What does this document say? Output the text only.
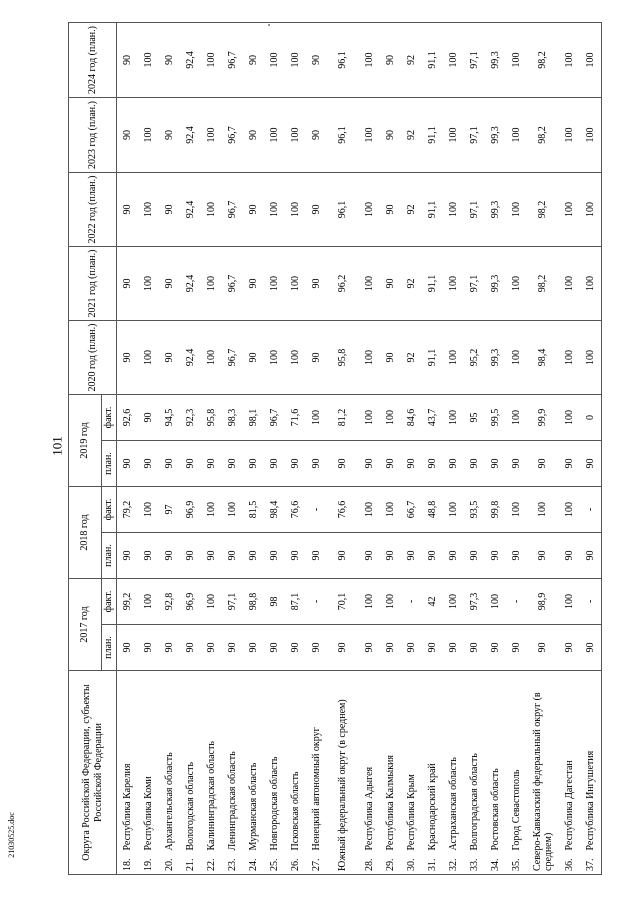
101
21030525.doc	Округа Российской Федерации, субъекты Российской Федерации		2017 год		2018 год		2019 год		2020 год (план.)	2021 год (план.)	2022 год (план.)	2023 год (план.)	2024 год (план.)

		план.	факт.	план.	факт.	план.	факт.					
18.	Республика Карелия	90	99,2	90	79,2	90	92,6	90	90	90	90	90
19.	Республика Коми	90	100	90	100	90	90	100	100	100	100	100
20.	Архангельская область	90	92,8	90	97	90	94,5	90	90	90	90	90
21.	Вологодская область	90	96,9	90	96,9	90	92,3	92,4	92,4	92,4	92,4	92,4
22.	Калининградская область	90	100	90	100	90	95,8	100	100	100	100	100
23.	Ленинградская область	90	97,1	90	100	90	98,3	96,7	96,7	96,7	96,7	96,7
24.	Мурманская область	90	98,8	90	81,5	90	98,1	90	90	90	90	90
25.	Новгородская область	90	98	90	98,4	90	96,7	100	100	100	100	100
26.	Псковская область	90	87,1	90	76,6	90	71,6	100	100	100	100	100
27.	Ненецкий автономный округ	90	-	90	-	90	100	90	90	90	90	90
Южный федеральный округ (в среднем)		90	70,1	90	76,6	90	81,2	95,8	96,2	96,1	96,1	96,1
28.	Республика Адыгея	90	100	90	100	90	100	100	100	100	100	100
29.	Республика Калмыкия	90	100	90	100	90	100	90	90	90	90	90
30.	Республика Крым	90	-	90	66,7	90	84,6	92	92	92	92	92
31.	Краснодарский край	90	42	90	48,8	90	43,7	91,1	91,1	91,1	91,1	91,1
32.	Астраханская область	90	100	90	100	90	100	100	100	100	100	100
33.	Волгоградская область	90	97,3	90	93,5	90	95	95,2	97,1	97,1	97,1	97,1
34.	Ростовская область	90	100	90	99,8	90	99,5	99,3	99,3	99,3	99,3	99,3
35.	Город Севастополь	90	-	90	100	90	100	100	100	100	100	100
Северо-Кавказский федеральный округ (в среднем)		90	98,9	90	100	90	99,9	98,4	98,2	98,2	98,2	98,2
36.	Республика Дагестан	90	100	90	100	90	100	100	100	100	100	100
37.	Республика Ингушетия	90	-	90	-	90	0	100	100	100	100	100
